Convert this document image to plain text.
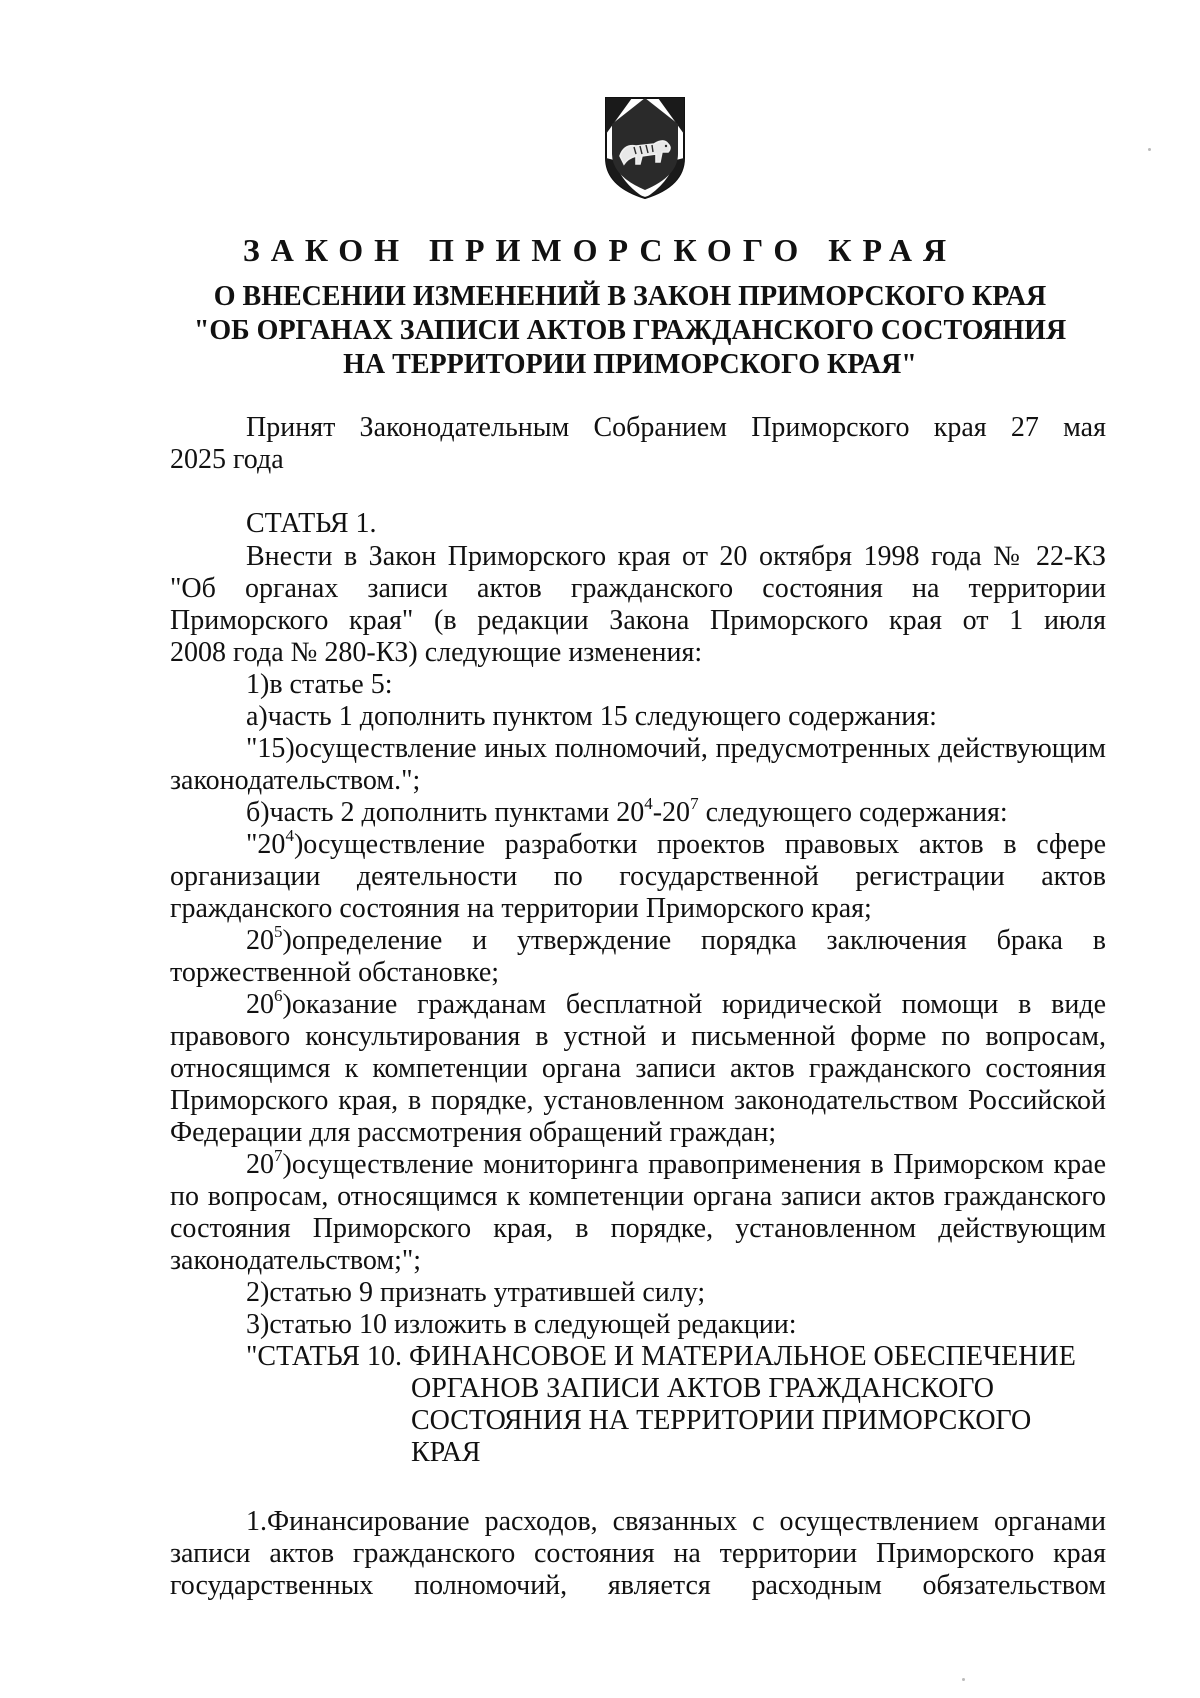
ЗАКОН ПРИМОРСКОГО КРАЯ
О ВНЕСЕНИИ ИЗМЕНЕНИЙ В ЗАКОН ПРИМОРСКОГО КРАЯ
"ОБ ОРГАНАХ ЗАПИСИ АКТОВ ГРАЖДАНСКОГО СОСТОЯНИЯ
НА ТЕРРИТОРИИ ПРИМОРСКОГО КРАЯ"
Принят Законодательным Собранием Приморского края 27 мая
2025 года
СТАТЬЯ 1.
Внести в Закон Приморского края от 20 октября 1998 года № 22-КЗ
"Об органах записи актов гражданского состояния на территории
Приморского края" (в редакции Закона Приморского края от 1 июля
2008 года № 280-КЗ) следующие изменения:
1)в статье 5:
а)часть 1 дополнить пунктом 15 следующего содержания:
"15)осуществление иных полномочий, предусмотренных действующим
законодательством.";
б)часть 2 дополнить пунктами $20^4-20^7$ следующего содержания:
"$20^4)осуществление$ разработки проектов правовых актов в сфере
организации деятельности по государственной регистрации актов
гражданского состояния на территории Приморского края;
$20^5)определение$ и утверждение порядка заключения брака в
торжественной обстановке;
$20^6)оказание$ гражданам бесплатной юридической помощи в виде
правового консультирования в устной и письменной форме по вопросам,
относящимся к компетенции органа записи актов гражданского состояния
Приморского края, в порядке, установленном законодательством Российской
Федерации для рассмотрения обращений граждан;
$20^7)осуществление$ мониторинга правоприменения в Приморском крае
по вопросам, относящимся к компетенции органа записи актов гражданского
состояния Приморского края, в порядке, установленном действующим
законодательством;";
2)статью 9 признать утратившей силу;
3)статью 10 изложить в следующей редакции:
"СТАТЬЯ 10. ФИНАНСОВОЕ И МАТЕРИАЛЬНОЕ ОБЕСПЕЧЕНИЕ
ОРГАНОВ ЗАПИСИ АКТОВ ГРАЖДАНСКОГО
СОСТОЯНИЯ НА ТЕРРИТОРИИ ПРИМОРСКОГО
КРАЯ
1.Финансирование расходов, связанных с осуществлением органами
записи актов гражданского состояния на территории Приморского края
государственных полномочий, является расходным обязательством
